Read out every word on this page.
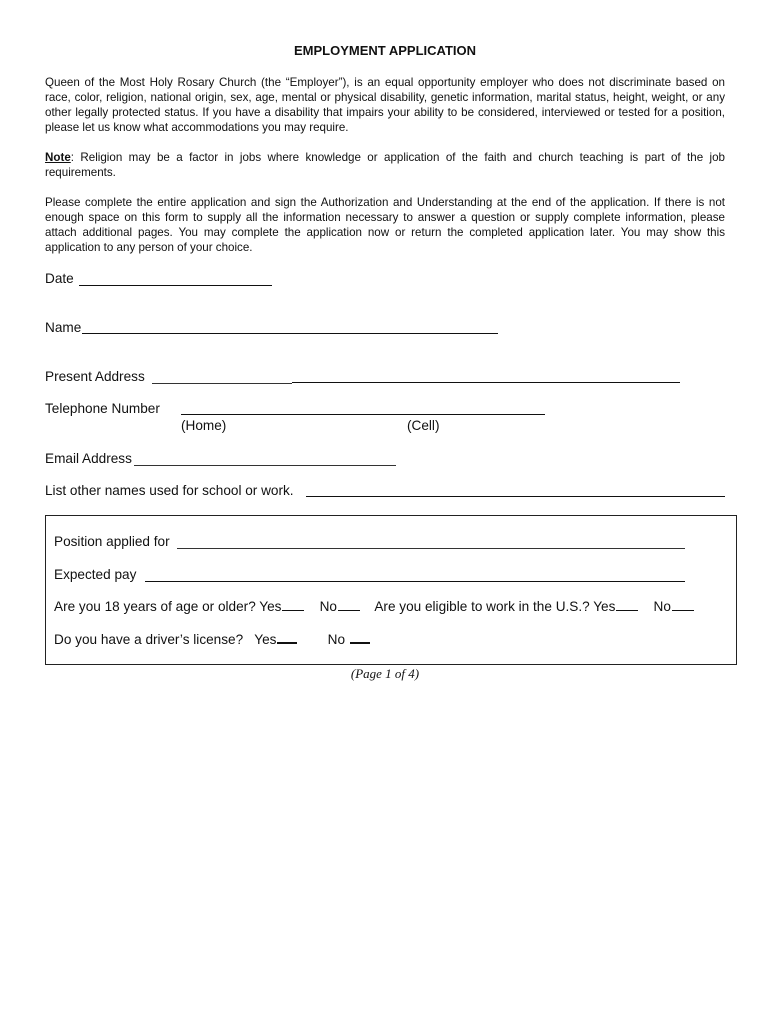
EMPLOYMENT APPLICATION

Queen of the Most Holy Rosary Church (the “Employer”), is an equal opportunity employer who does not discriminate based on race, color, religion, national origin, sex, age, mental or physical disability, genetic information, marital status, height, weight, or any other legally protected status. If you have a disability that impairs your ability to be considered, interviewed or tested for a position, please let us know what accommodations you may require.

Note: Religion may be a factor in jobs where knowledge or application of the faith and church teaching is part of the job requirements.

Please complete the entire application and sign the Authorization and Understanding at the end of the application. If there is not enough space on this form to supply all the information necessary to answer a question or supply complete information, please attach additional pages. You may complete the application now or return the completed application later. You may show this application to any person of your choice.

Date
Name
Present Address
Telephone Number
(Home)	(Cell)
Email Address
List other names used for school or work.
Position applied for
Expected pay
Are you 18 years of age or older? Yes	No	Are you eligible to work in the U.S.? Yes	No
Do you have a driver’s license? Yes	No
(Page 1 of 4)
